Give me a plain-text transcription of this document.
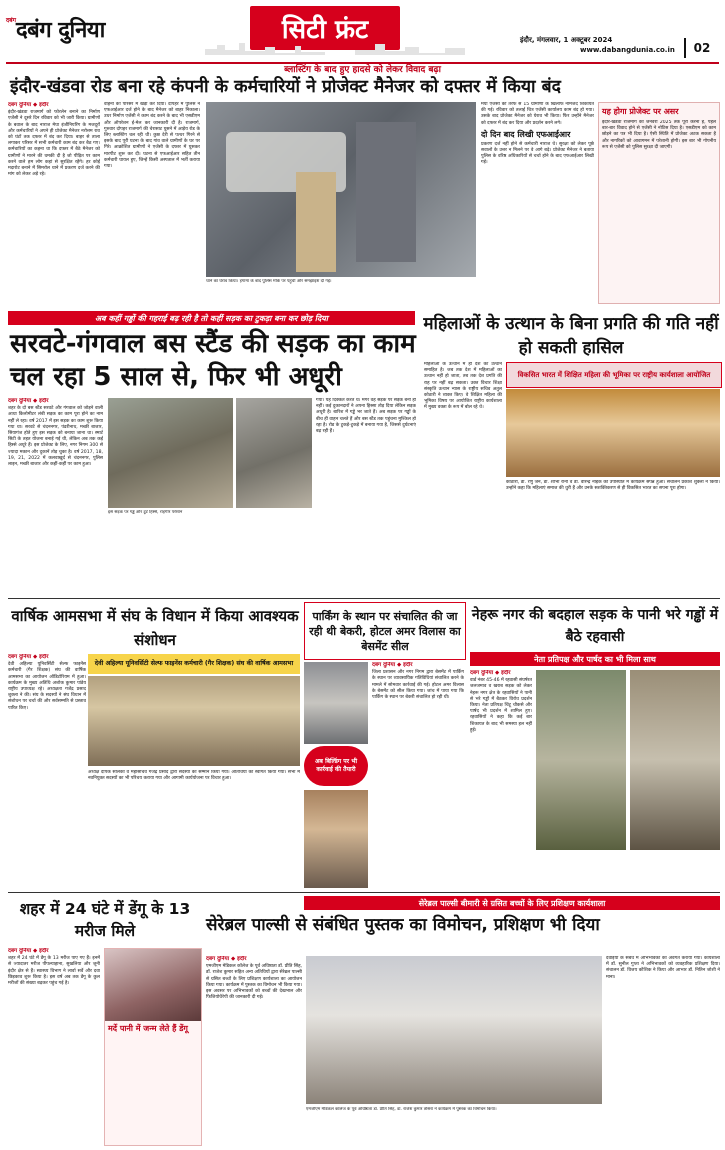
दबंग दबंग दुनिया	सिटी फ्रंट	इंदौर, मंगलवार, 1 अक्टूबर 2024
www.dabangdunia.co.in 02
ब्लास्टिंग के बाद हुए हादसे को लेकर विवाद बढ़ा
इंदौर-खंडवा रोड बना रहे कंपनी के कर्मचारियों ने प्रोजेक्ट मैनेजर को दफ्तर में किया बंद
दबंग दुनिया ◆ इंदौर

इंदौर-खंडवा राजमार्ग को फोरलेन बनाने का निर्माण एजेंसी ने दूसरे दिन रविवार को भी जारी किया। ग्रामीणों के बवाल के बाद नाराज मेघा इंजीनियरिंग के मजदूरों और कर्मचारियों ने अपने ही प्रोजेक्ट मैनेजर नरोत्तम राव को घंटों तक दफ्तर में बंद कर दिया। बाहर से ताला लगाकर परिसर में सभी कर्मचारी काम बंद कर बैठ गए। कर्मचारियों का कहना था कि दफ्तर में बैठे मैनेजर को ग्रामीणों ने मारने की धमकी दी है जो पीड़ित पर काम करने वाले हम लोग कहां से सुरक्षित रहेंगे। हर कोई मदारोट बनाने में सिमरोल थाने में प्रकरण दर्ज करने की मांग को लेकर अड़े रहे।

वाहनों को परिसर में खड़ा कर दिया। दोपहर में पुलिस ने एफआईआर दर्ज होने के बाद मैनेजर को बाहर निकाला। उधर निर्माण एजेंसी ने काम बंद करने के बाद भी एसडीएम और ऑपरेशन ई-मेल कर जानकारी दी है। राजमार्ग, गुरुवार दोपहर राजमार्ग की चेरासाट घुसने में आड़ेय रोड के लिए ब्लास्टिंग चल रही थी। कुछ देरी से पत्थर गिरने से इसके बाद पूरी घटना के बाद गांव वाले ग्रामीणों के घर पर गिरे। आक्रोशित ग्रामीणों ने एजेंसी के दफ्तर में घुसकर मारपीट शुरू कर दी। घटना से एफआईआर सहित तीन कर्मचारी घायल हुए, जिन्हें किसी अस्पताल में भर्ती कराया गया।

थाने का घेराव किया। हंगामा के बाद पुलिस मौके पर पहुंची और समझाइश दी गई।

मया एजेंसी की तरफ से 15 ग्रामीणों के खिलाफ नामजद शिकायत की गई। रविवार को तलाई चित्र एजेंसी कार्यालय काम बंद हो गया। उसके बाद प्रोजेक्ट मैनेजर को घेराव भी किया। फिर उन्होंने मैनेजर को दफ्तर में बंद कर दिया और प्रदर्शन करने लगे।

दो दिन बाद लिखी एफआईआर

प्रकरण दर्ज नहीं होने से कर्मचारी नाराज थे। सुरक्षा को लेकर पूछे सवालों के उत्तर न मिलने पर वे आगे बढ़े। प्रोजेक्ट मैनेजर ने बताया पुलिस के वरिष्ठ अधिकारियों से चर्चा होने के बाद एफआईआर लिखी गई।

यह होगा प्रोजेक्ट पर असर
इंदौर-खंडवा राजमार्ग को जनवरी 2025 तक पूरा करना है, पहल बार-बार विवाद होने से एजेंसी ने नोटिस दिया है। एसडीएम को काम छोड़ने का पत्र भी दिया है। ऐसी स्थिति में प्रोजेक्ट अटक सकता है और नागरिकों को आवागमन में परेशानी होगी। इस बार भी गोपनीय रूप से एजेंसी को पुलिस सुरक्षा दी जाएगी।
अब कहीं गड्ढों की गहराई बढ़ रही है तो कहीं सड़क का टुकड़ा बना कर छोड़ दिया
सरवटे-गंगवाल बस स्टैंड की सड़क का काम चल रहा 5 साल से, फिर भी अधूरी
दबंग दुनिया ◆ इंदौर

शहर के दो बस स्टैंड सरवटे और गंगवाल को जोड़ने वाली आधा किलोमीटर लंबी सड़क का काम पूरा होने का नाम नहीं ले रहा। वर्ष 2017 में इस सड़क का काम शुरू किया गया था। सरवटे से चंदननगर, पंढरीनाथ, मच्छी बाजार, सियागंज होते हुए इस सड़क को बनाया जाना था। स्मार्ट सिटी के तहत योजना बनाई गई थी, लेकिन अब तक कई हिस्से अधूरे हैं। इस प्रोजेक्ट के लिए, नगर निगम 300 से ज्यादा मकान और दुकानें तोड़ चुका है। वर्ष 2017, 18, 19, 21, 2022 में कलवाखुर्द से चंदननगर, पुलिस लाइन, मच्छी बाजार और कहीं-कहीं पर काम हुआ।

इस सड़क पर गड्ढे और टूटे हिस्से, राहगीर परेशान

गया। यह दिक्कत करते थे। मगर वह सड़क पर सड़क बनी ही नहीं। कई दुकानदारों ने अपना हिस्सा तोड़ दिया लेकिन सड़क अधूरी है। बारिश में गड्ढे भर जाते हैं। अब सड़क पर गड्ढों के बीच ही वाहन चलते हैं और बस स्टैंड तक पहुंचना मुश्किल हो रहा है। रोड के टुकड़े-टुकड़े में बनाया गया है, जिससे दुर्घटनाएं बढ़ रही हैं।

महिलाओं के उत्थान के बिना प्रगति की गति नहीं हो सकती हासिल
विकसित भारत में शिक्षित महिला की भूमिका पर राष्ट्रीय कार्यशाला आयोजित

महिलाओं के उत्थान में ही देश का उत्थान समाहित है। जब तक देश में महिलाओं का उत्थान नहीं हो जाता, तब तक देश प्रगति की राह पर नहीं बढ़ सकता। उक्त विचार शिक्षा संस्कृति उत्थान न्यास के राष्ट्रीय सचिव अतुल कोठारी ने व्यक्त किए। वे शिक्षित महिला की भूमिका विषय पर आयोजित राष्ट्रीय कार्यशाला में मुख्य वक्ता के रूप में बोल रहे थे।

कोठारी, डॉ. रेणु जैन, डॉ. शोभा रानी व डॉ. वीरेन्द्र नाईक की उपस्थिति में कार्यक्रम संपन्न हुआ। संचालन प्रकाश शुक्ला ने किया। उन्होंने कहा कि महिलाएं समाज की धुरी हैं और उनके सशक्तिकरण से ही विकसित भारत का सपना पूरा होगा।

वार्षिक आमसभा में संघ के विधान में किया आवश्यक संशोधन
दबंग दुनिया ◆ इंदौर

देवी अहिल्या यूनिवर्सिटी सेल्फ फाइनेंस कर्मचारी (गैर शिक्षक) संघ की वार्षिक आमसभा का आयोजन ऑडिटोरियम में हुआ। कार्यक्रम के मुख्य अतिथि अशोक कुमार पांडेय राष्ट्रीय उपाध्यक्ष रहे। अध्यक्षता गजेंद्र प्रसाद शुक्ला ने की। संघ के सदस्यों ने संघ विधान में संशोधन पर चर्चा की और सर्वसम्मति से प्रस्ताव पारित किए।

देवी अहिल्या यूनिवर्सिटी सेल्फ फाइनेंस कर्मचारी (गैर शिक्षक) संघ की वार्षिक आमसभा

अध्यक्ष दीपक सोलंकी व महासचिव गजेंद्र प्रसाद द्वारा सदस्यों का सम्मान किया गया। अतिथियों का स्वागत किया गया। सभा में नवनियुक्त सदस्यों का भी परिचय कराया गया और आगामी कार्ययोजना पर विचार हुआ।

पार्किंग के स्थान पर संचालित की जा रही थी बेकरी, होटल अमर विलास का बेसमेंट सील
दबंग दुनिया ◆ इंदौर

जिला प्रशासन और नगर निगम द्वारा बेसमेंट में पार्किंग के स्थान पर व्यावसायिक गतिविधियां संचालित करने के मामले में सोमवार कार्रवाई की गई। होटल अमर विलास के बेसमेंट को सील किया गया। जांच में पाया गया कि पार्किंग के स्थान पर बेकरी संचालित हो रही थी।

अब बिल्डिंग पर भी कार्रवाई की तैयारी
नेहरू नगर की बदहाल सड़क के पानी भरे गड्ढों में बैठे रहवासी
नेता प्रतिपक्ष और पार्षद का भी मिला साथ
दबंग दुनिया ◆ इंदौर

वार्ड नंबर 45-46 में रहवासी संघर्षरत जलजमाव व खराब सड़क को लेकर नेहरू नगर क्षेत्र के रहवासियों ने पानी से भरे गड्ढों में बैठकर विरोध प्रदर्शन किया। नेता प्रतिपक्ष चिंटू चौकसे और पार्षद भी प्रदर्शन में शामिल हुए। रहवासियों ने कहा कि कई बार शिकायत के बाद भी समस्या हल नहीं हुई।

सेरेब्रल पाल्सी बीमारी से ग्रसित बच्चों के लिए प्रशिक्षण कार्यशाला
शहर में 24 घंटे में डेंगू के 13 मरीज मिले
दबंग दुनिया ◆ इंदौर

शहर में 24 घंटे में डेंगू के 13 मरीज पाए गए हैं। इनमें से ज्यादातर मरीज पीपल्याहाना, सुखलिया और जूनी इंदौर क्षेत्र से हैं। स्वास्थ्य विभाग ने लार्वा सर्वे और दवा छिड़काव शुरू किया है। इस वर्ष अब तक डेंगू के कुल मरीजों की संख्या बढ़कर पहुंच गई है।

मर्दे पानी में जन्म लेते हैं डेंगू
सेरेब्रल पाल्सी से संबंधित पुस्तक का विमोचन, प्रशिक्षण भी दिया
दबंग दुनिया ◆ इंदौर

एमजीएम मेडिकल कॉलेज के पूर्व अधिष्ठाता डॉ. प्रीति सिंह, डॉ. राजेश कुमार सहित अन्य अतिथियों द्वारा सेरेब्रल पाल्सी से ग्रसित बच्चों के लिए प्रशिक्षण कार्यशाला का आयोजन किया गया। कार्यक्रम में पुस्तक का विमोचन भी किया गया। इस अवसर पर अभिभावकों को बच्चों की देखभाल और फिजियोथैरेपी की जानकारी दी गई।

एमजीएम मेडिकल कॉलेज के पूर्व अधिष्ठाता डॉ. प्रीति सिंह, डॉ. राजेश कुमार तोसरा ने कार्यक्रम में पुस्तक का विमोचन किया।

दवाइयों के संबंध में अभिभावकों को अवगत कराया गया। कार्यशाला में डॉ. सुनील गुप्ता ने अभिभावकों को व्यवहारिक प्रशिक्षण दिया। संचालन डॉ. विजय कौशिक ने किया और आभार डॉ. नितिन जोशी ने माना।
